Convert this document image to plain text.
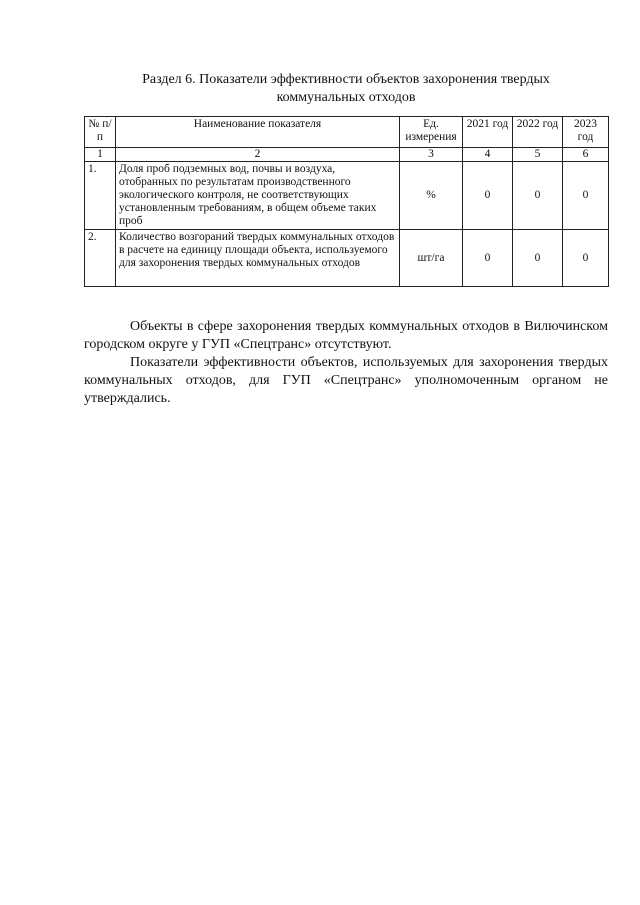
Раздел 6. Показатели эффективности объектов захоронения твердых
коммунальных отходов
№ п/п	Наименование показателя	Ед. измерения	2021 год	2022 год	2023 год
1	2	3	4	5	6
1.	Доля проб подземных вод, почвы и воздуха, отобранных по результатам производственного экологического контроля, не соответствующих установленным требованиям, в общем объеме таких проб	%	0	0	0
2.	Количество возгораний твердых коммунальных отходов в расчете на единицу площади объекта, используемого для захоронения твердых коммунальных отходов	шт/га	0	0	0

Объекты в сфере захоронения твердых коммунальных отходов в Вилючинском городском округе у ГУП «Спецтранс» отсутствуют.

Показатели эффективности объектов, используемых для захоронения твердых коммунальных отходов, для ГУП «Спецтранс» уполномоченным органом не утверждались.
